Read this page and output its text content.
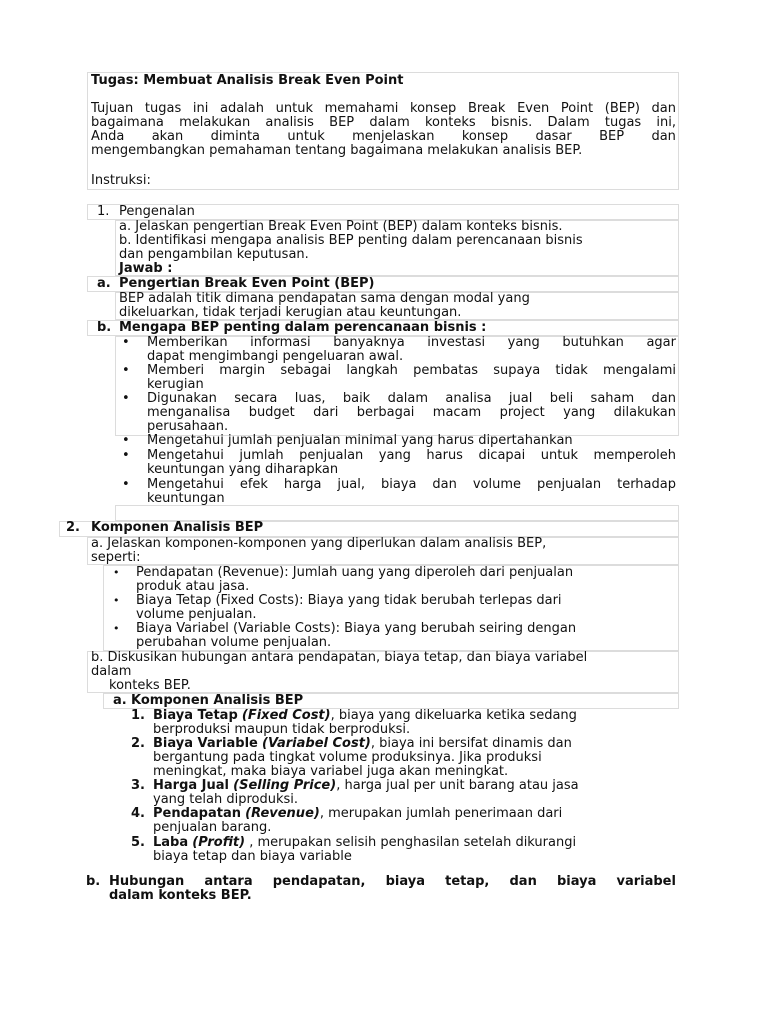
Tugas: Membuat Analisis Break Even Point
Tujuan tugas ini adalah untuk memahami konsep Break Even Point (BEP) dan
bagaimana melakukan analisis BEP dalam konteks bisnis. Dalam tugas ini,
Anda akan diminta untuk menjelaskan konsep dasar BEP dan
mengembangkan pemahaman tentang bagaimana melakukan analisis BEP.
Instruksi:
1. Pengenalan
a. Jelaskan pengertian Break Even Point (BEP) dalam konteks bisnis.
b. Identifikasi mengapa analisis BEP penting dalam perencanaan bisnis
dan pengambilan keputusan.
Jawab :
a. Pengertian Break Even Point (BEP)
BEP adalah titik dimana pendapatan sama dengan modal yang
dikeluarkan, tidak terjadi kerugian atau keuntungan.
b. Mengapa BEP penting dalam perencanaan bisnis :
• Memberikan informasi banyaknya investasi yang butuhkan agar
dapat mengimbangi pengeluaran awal.
• Memberi margin sebagai langkah pembatas supaya tidak mengalami
kerugian
• Digunakan secara luas, baik dalam analisa jual beli saham dan
menganalisa budget dari berbagai macam project yang dilakukan
perusahaan.
• Mengetahui jumlah penjualan minimal yang harus dipertahankan
• Mengetahui jumlah penjualan yang harus dicapai untuk memperoleh
keuntungan yang diharapkan
• Mengetahui efek harga jual, biaya dan volume penjualan terhadap
keuntungan
2. Komponen Analisis BEP
a. Jelaskan komponen-komponen yang diperlukan dalam analisis BEP,
seperti:
• Pendapatan (Revenue): Jumlah uang yang diperoleh dari penjualan
produk atau jasa.
• Biaya Tetap (Fixed Costs): Biaya yang tidak berubah terlepas dari
volume penjualan.
• Biaya Variabel (Variable Costs): Biaya yang berubah seiring dengan
perubahan volume penjualan.
b. Diskusikan hubungan antara pendapatan, biaya tetap, dan biaya variabel
dalam
konteks BEP.
a. Komponen Analisis BEP
1. Biaya Tetap (Fixed Cost), biaya yang dikeluarka ketika sedang
berproduksi maupun tidak berproduksi.
2. Biaya Variable (Variabel Cost), biaya ini bersifat dinamis dan
bergantung pada tingkat volume produksinya. Jika produksi
meningkat, maka biaya variabel juga akan meningkat.
3. Harga Jual (Selling Price), harga jual per unit barang atau jasa
yang telah diproduksi.
4. Pendapatan (Revenue), merupakan jumlah penerimaan dari
penjualan barang.
5. Laba (Profit) , merupakan selisih penghasilan setelah dikurangi
biaya tetap dan biaya variable
b. Hubungan antara pendapatan, biaya tetap, dan biaya variabel
dalam konteks BEP.
